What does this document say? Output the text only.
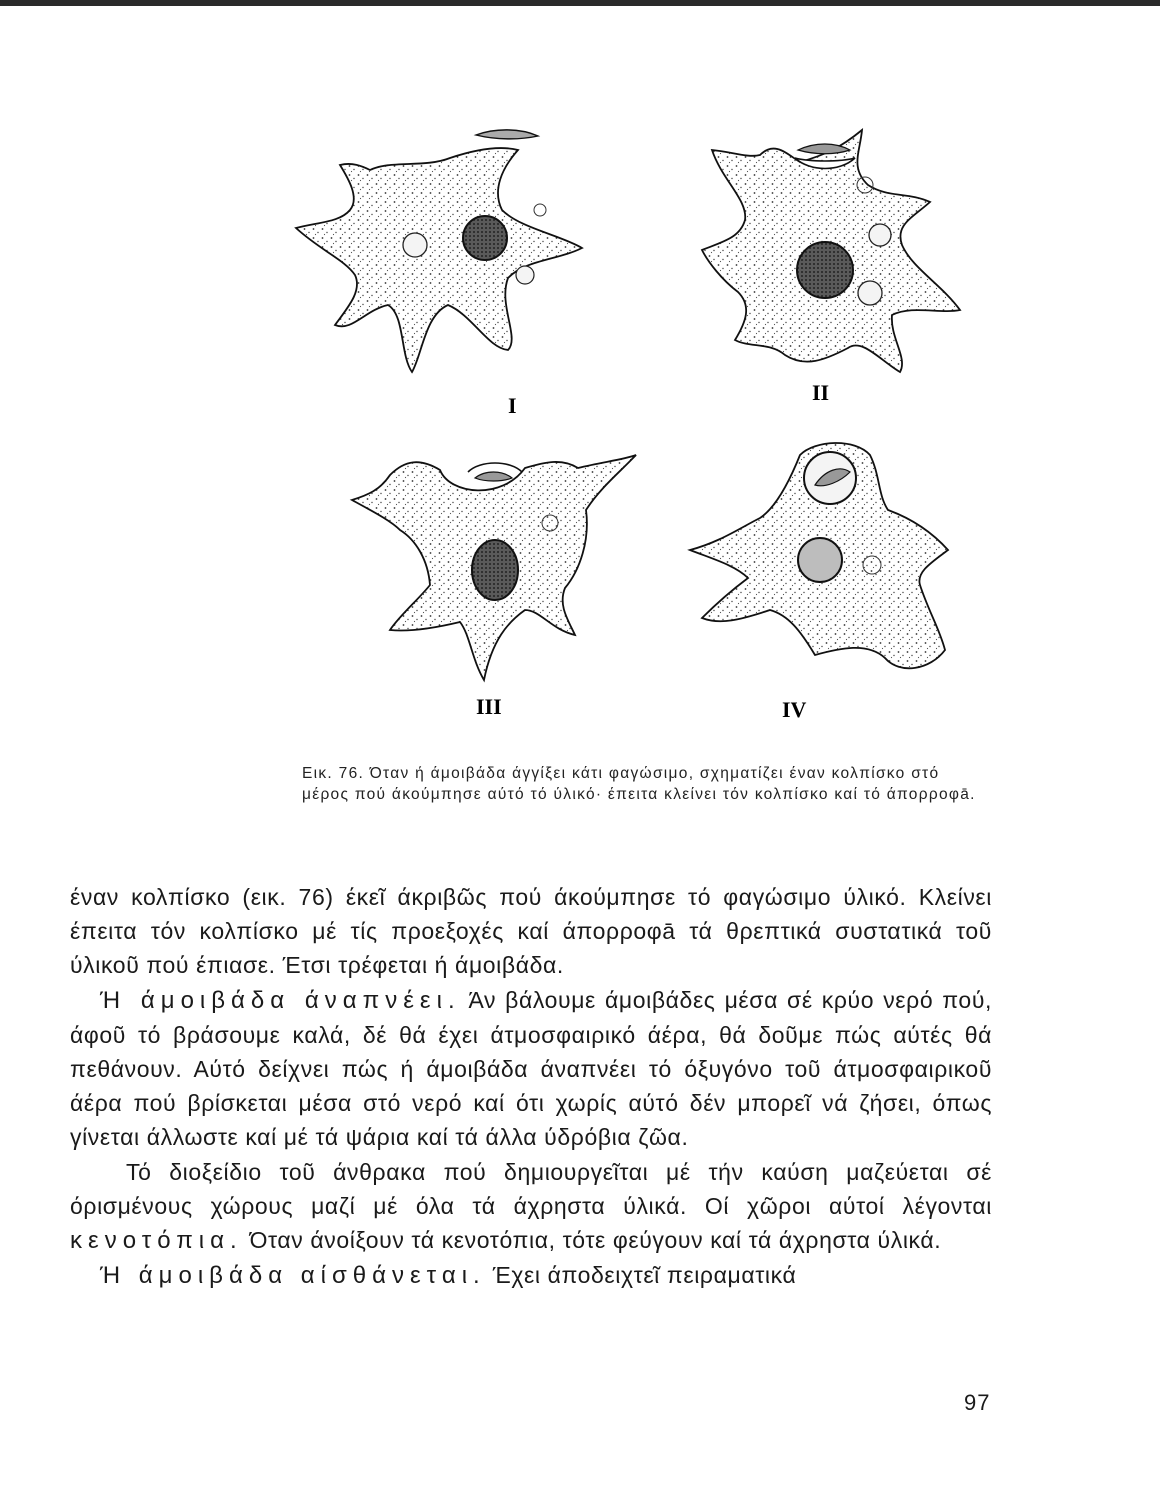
I
II
III	IV
Εικ. 76. Όταν ή άμοιβάδα άγγίξει κάτι φαγώσιμο, σχηματίζει έναν κολπίσκο στό μέρος πού άκούμπησε αύτό τό ύλικό· έπειτα κλείνει τόν κολπίσκο καί τό άπορροφā.

έναν κολπίσκο (εικ. 76) έκεῖ άκριβῶς πού άκούμπησε τό φαγώσιμο ύλικό. Κλείνει έπειτα τόν κολπίσκο μέ τίς προεξοχές καί άπορροφā τά θρεπτικά συστατικά τοῦ ύλικοῦ πού έπιασε. Έτσι τρέφεται ή άμοιβάδα.

Ή άμοιβάδα άναπνέει. Άν βάλουμε άμοιβάδες μέσα σέ κρύο νερό πού, άφοῦ τό βράσουμε καλά, δέ θά έχει άτμοσφαιρικό άέρα, θά δοῦμε πώς αύτές θά πεθάνουν. Αύτό δείχνει πώς ή άμοιβάδα άναπνέει τό όξυγόνο τοῦ άτμοσφαιρικοῦ άέρα πού βρίσκεται μέσα στό νερό καί ότι χωρίς αύτό δέν μπορεῖ νά ζήσει, όπως γίνεται άλλωστε καί μέ τά ψάρια καί τά άλλα ύδρόβια ζῶα.

Τό διοξείδιο τοῦ άνθρακα πού δημιουργεῖται μέ τήν καύση μαζεύεται σέ όρισμένους χώρους μαζί μέ όλα τά άχρηστα ύλικά. Οί χῶροι αύτοί λέγονται κενοτόπια. Όταν άνοίξουν τά κενοτόπια, τότε φεύγουν καί τά άχρηστα ύλικά.

Ή άμοιβάδα αίσθάνεται. Έχει άποδειχτεῖ πειραματικά

97
